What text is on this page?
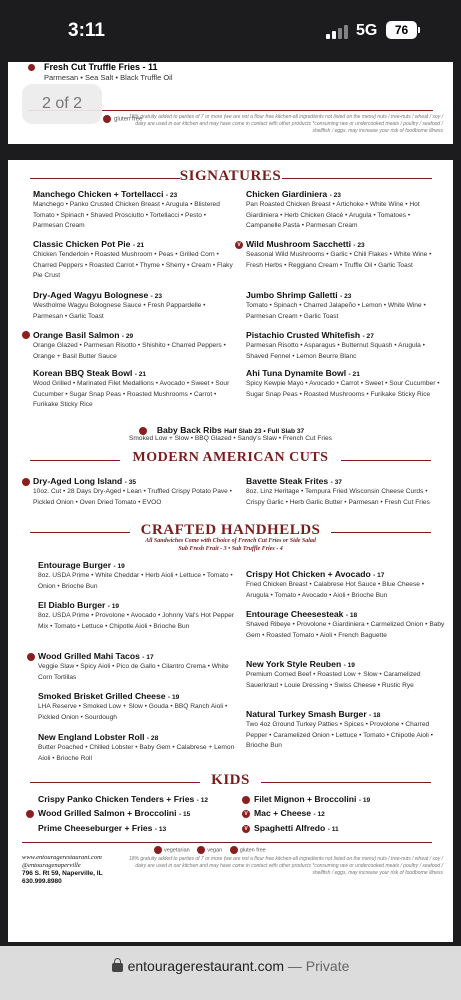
3:11	5G	76
Fresh Cut Truffle Fries - 11
Parmesan • Sea Salt • Black Truffle Oil
gluten free
18% gratuity added to parties of 7 or more (we are not a flour free kitchen-all ingredients not listed on the menu) nuts / tree-nuts / wheat / soy / dairy are used in our kitchen and may have come in contact with other products *consuming raw or undercooked meats / poultry / seafood / shellfish / eggs, may increase your risk of foodborne illness
2 of 2
SIGNATURES
Manchego Chicken + Tortellacci - 23
Manchego • Panko Crusted Chicken Breast • Arugula • Blistered Tomato • Spinach • Shaved Prosciutto • Tortellacci • Pesto • Parmesan Cream
Classic Chicken Pot Pie - 21
Chicken Tenderloin • Roasted Mushroom • Peas • Grilled Corn • Charred Peppers • Roasted Carrot • Thyme • Sherry • Cream • Flaky Pie Crust
Dry-Aged Wagyu Bolognese - 23
Westholme Wagyu Bolognese Sauce • Fresh Pappardelle • Parmesan • Garlic Toast
Orange Basil Salmon - 29
Orange Glazed • Parmesan Risotto • Shishito • Charred Peppers • Orange + Basil Butter Sauce
Korean BBQ Steak Bowl - 21
Wood Grilled • Marinated Filet Medallions • Avocado • Sweet • Sour Cucumber • Sugar Snap Peas • Roasted Mushrooms • Carrot • Furikake Sticky Rice
Chicken Giardiniera - 23
Pan Roasted Chicken Breast • Artichoke • White Wine • Hot Giardiniera • Herb Chicken Glacé • Arugula • Tomatoes • Campanelle Pasta • Parmesan Cream
V Wild Mushroom Sacchetti - 23
Seasonal Wild Mushrooms • Garlic • Chili Flakes • White Wine • Fresh Herbs • Reggiano Cream • Truffle Oil • Garlic Toast
Jumbo Shrimp Galletti - 23
Tomato • Spinach • Charred Jalapeño • Lemon • White Wine • Parmesan Cream • Garlic Toast
Pistachio Crusted Whitefish - 27
Parmesan Risotto • Asparagus • Butternut Squash • Arugula • Shaved Fennel • Lemon Beurre Blanc
Ahi Tuna Dynamite Bowl - 21
Spicy Kewpie Mayo • Avocado • Carrot • Sweet • Sour Cucumber • Sugar Snap Peas • Roasted Mushrooms • Furikake Sticky Rice
Baby Back Ribs Half Slab 23 • Full Slab 37
Smoked Low + Slow • BBQ Glazed • Sandy's Slaw • French Cut Fries
MODERN AMERICAN CUTS
Dry-Aged Long Island - 35
10oz. Cut • 28 Days Dry-Aged • Lean • Truffled Crispy Potato Pave • Pickled Onion • Oven Dried Tomato • EVOO
Bavette Steak Frites - 37
8oz. Linz Heritage • Tempura Fried Wisconsin Cheese Curds • Crispy Garlic • Herb Garlic Butter • Parmesan • Fresh Cut Fries
CRAFTED HANDHELDS
All Sandwiches Come with Choice of French Cut Fries or Side Salad
Sub Fresh Fruit - 3 • Sub Truffle Fries - 4
Entourage Burger - 19
8oz. USDA Prime • White Cheddar • Herb Aioli • Lettuce • Tomato • Onion • Brioche Bun
El Diablo Burger - 19
8oz. USDA Prime • Provolone • Avocado • Johnny Val's Hot Pepper Mix • Tomato • Lettuce • Chipotle Aioli • Brioche Bun
Wood Grilled Mahi Tacos - 17
Veggie Slaw • Spicy Aioli • Pico de Gallo • Cilantro Crema • White Corn Tortillas
Smoked Brisket Grilled Cheese - 19
LHA Reserve • Smoked Low + Slow • Gouda • BBQ Ranch Aioli • Pickled Onion • Sourdough
New England Lobster Roll - 28
Butter Poached • Chilled Lobster • Baby Gem • Calabrese + Lemon Aioli • Brioche Roll
Crispy Hot Chicken + Avocado - 17
Fried Chicken Breast • Calabrese Hot Sauce • Blue Cheese • Arugula • Tomato • Avocado • Aioli • Brioche Bun
Entourage Cheesesteak - 18
Shaved Ribeye • Provolone • Giardiniera • Carmelized Onion • Baby Gem • Roasted Tomato • Aioli • French Baguette
New York Style Reuben - 19
Premium Corned Beef • Roasted Low + Slow • Caramelized Sauerkraut • Louie Dressing • Swiss Cheese • Rustic Rye
Natural Turkey Smash Burger - 18
Two 4oz Ground Turkey Patties • Spices • Provolone • Charred Pepper • Caramelized Onion • Lettuce • Tomato • Chipotle Aioli • Brioche Bun
KIDS
Crispy Panko Chicken Tenders + Fries - 12
Wood Grilled Salmon + Broccolini - 15
Prime Cheeseburger + Fries - 13
Filet Mignon + Broccolini - 19
V Mac + Cheese - 12
V Spaghetti Alfredo - 11
vegetarian	vegan	gluten free
www.entouragerestaurant.com
@entouragenaperville
796 S. Rt 59, Naperville, IL
630.999.8980
18% gratuity added to parties of 7 or more (we are not a flour free kitchen-all ingredients not listed on the menu) nuts / tree-nuts / wheat / soy / dairy are used in our kitchen and may have come in contact with other products *consuming raw or undercooked meats / poultry / seafood / shellfish / eggs, may increase your risk of foodborne illness
entouragerestaurant.com — Private
